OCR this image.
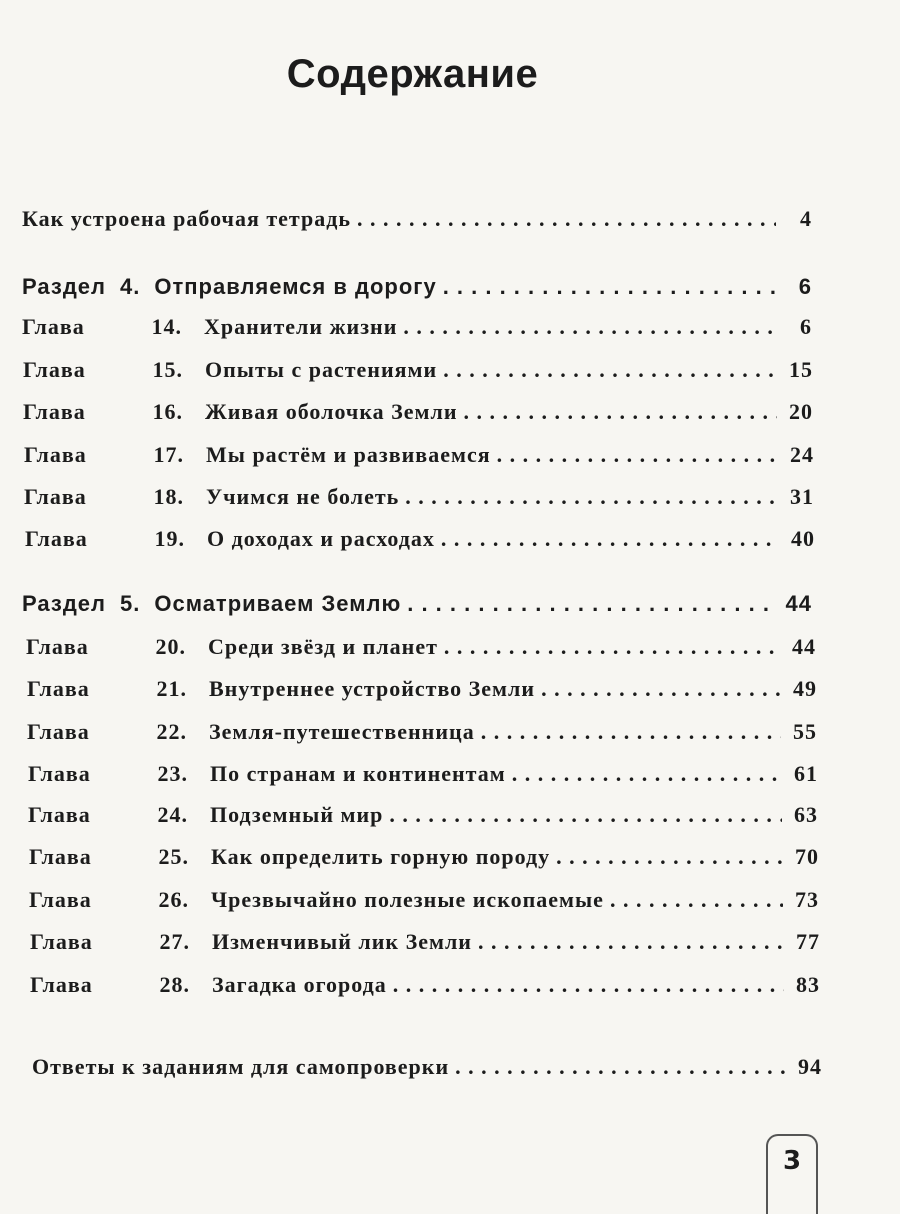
Содержание
Как устроена рабочая тетрадь . . .	4
Раздел 4. Отправляемся в дорогу . . .	6
Глава	14. Хранители жизни . . .	6
Глава	15. Опыты с растениями . . .	15
Глава	16. Живая оболочка Земли . . .	20
Глава	17. Мы растём и развиваемся . . .	24
Глава	18. Учимся не болеть . . .	31
Глава	19. О доходах и расходах . . .	40
Раздел 5. Осматриваем Землю . . .	44
Глава	20. Среди звёзд и планет . . .	44
Глава	21. Внутреннее устройство Земли . . .	49
Глава	22. Земля-путешественница . . .	55
Глава	23. По странам и континентам . . .	61
Глава	24. Подземный мир . . .	63
Глава	25. Как определить горную породу . . .	70
Глава	26. Чрезвычайно полезные ископаемые . . .	73
Глава	27. Изменчивый лик Земли . . .	77
Глава	28. Загадка огорода . . .	83
Ответы к заданиям для самопроверки . . .	94
3
